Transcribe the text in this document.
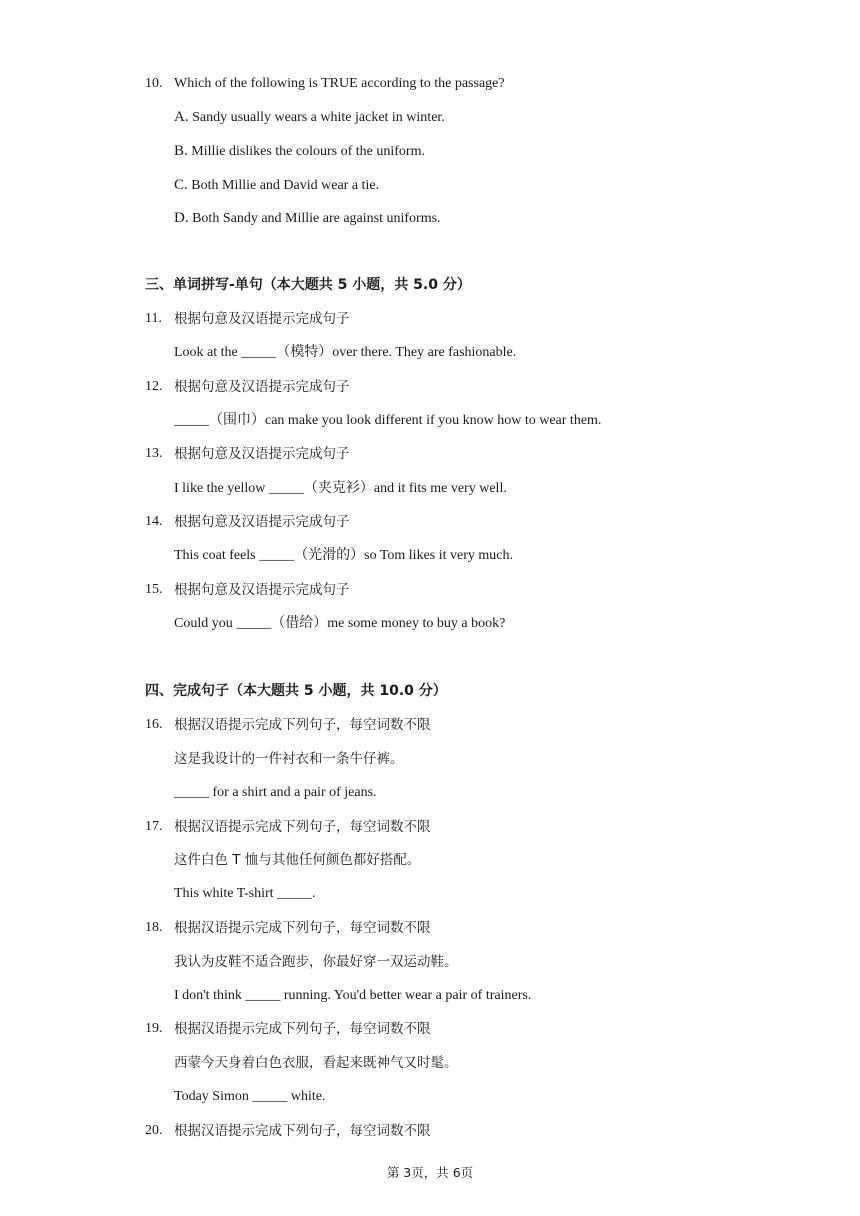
10. Which of the following is TRUE according to the passage?
A. Sandy usually wears a white jacket in winter.
B. Millie dislikes the colours of the uniform.
C. Both Millie and David wear a tie.
D. Both Sandy and Millie are against uniforms.
三、单词拼写-单句（本大题共 5 小题，共 5.0 分）
11. 根据句意及汉语提示完成句子
Look at the _____（模特）over there. They are fashionable.
12. 根据句意及汉语提示完成句子
_____（围巾）can make you look different if you know how to wear them.
13. 根据句意及汉语提示完成句子
I like the yellow _____（夹克衫）and it fits me very well.
14. 根据句意及汉语提示完成句子
This coat feels _____（光滑的）so Tom likes it very much.
15. 根据句意及汉语提示完成句子
Could you _____（借给）me some money to buy a book?
四、完成句子（本大题共 5 小题，共 10.0 分）
16. 根据汉语提示完成下列句子，每空词数不限
这是我设计的一件衬衣和一条牛仔裤。
_____ for a shirt and a pair of jeans.
17. 根据汉语提示完成下列句子，每空词数不限
这件白色 T 恤与其他任何颜色都好搭配。
This white T-shirt _____.
18. 根据汉语提示完成下列句子，每空词数不限
我认为皮鞋不适合跑步，你最好穿一双运动鞋。
I don't think _____ running. You'd better wear a pair of trainers.
19. 根据汉语提示完成下列句子，每空词数不限
西蒙今天身着白色衣服，看起来既神气又时髦。
Today Simon _____ white.
20. 根据汉语提示完成下列句子，每空词数不限
第 3页，共 6页
